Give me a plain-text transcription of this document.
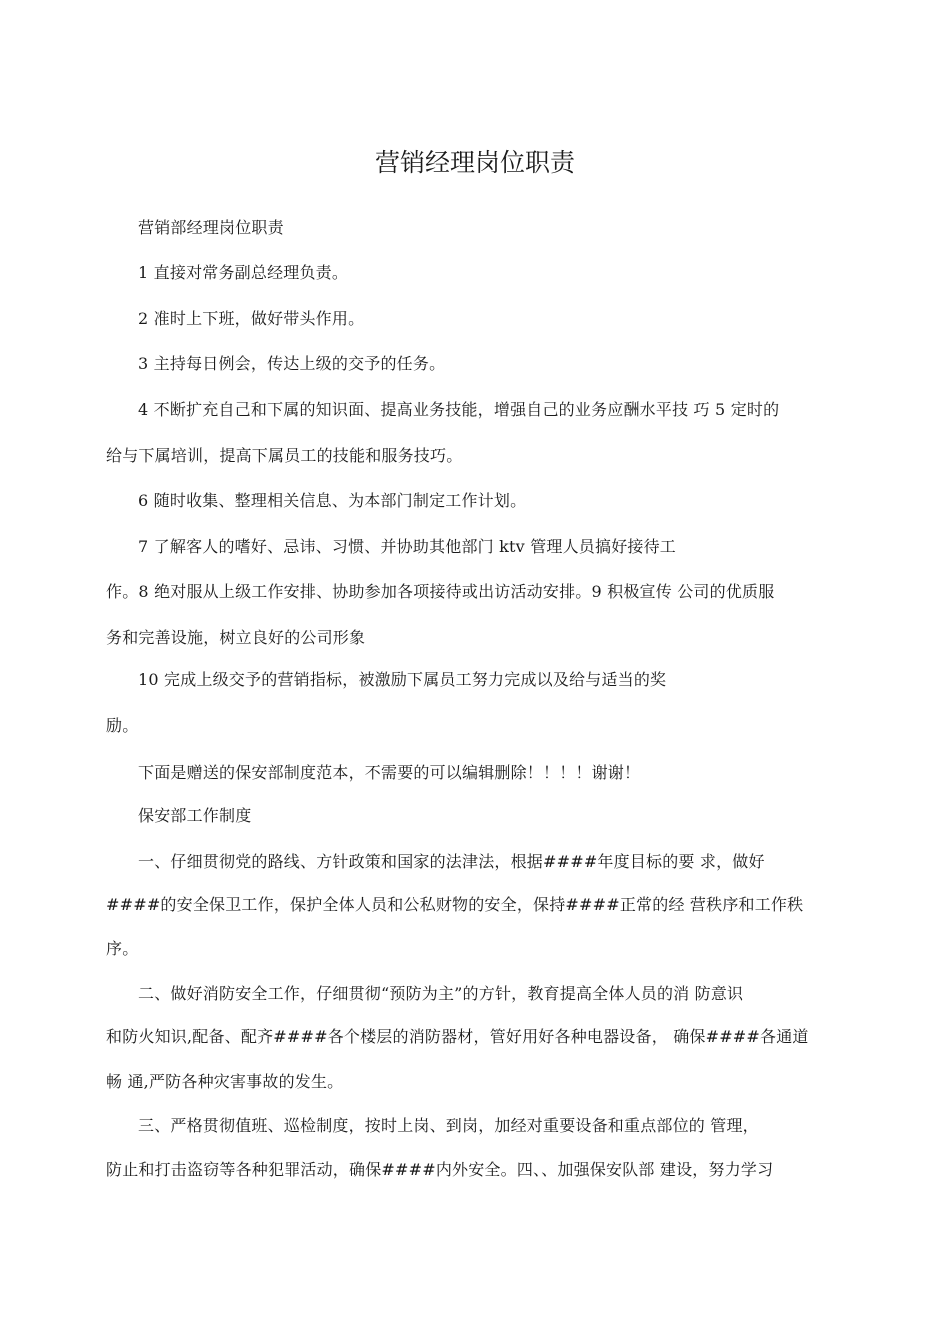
营销经理岗位职责
营销部经理岗位职责
1 直接对常务副总经理负责。
2 准时上下班，做好带头作用。
3 主持每日例会，传达上级的交予的任务。
4 不断扩充自己和下属的知识面、提高业务技能，增强自己的业务应酬水平技 巧 5 定时的
给与下属培训，提高下属员工的技能和服务技巧。
6 随时收集、整理相关信息、为本部门制定工作计划。
7 了解客人的嗜好、忌讳、习惯、并协助其他部门 ktv 管理人员搞好接待工
作。8 绝对服从上级工作安排、协助参加各项接待或出访活动安排。9 积极宣传 公司的优质服
务和完善设施，树立良好的公司形象
10 完成上级交予的营销指标，被激励下属员工努力完成以及给与适当的奖
励。
下面是赠送的保安部制度范本，不需要的可以编辑删除！！！！谢谢！
保安部工作制度
一、仔细贯彻党的路线、方针政策和国家的法津法，根据####年度目标的要 求，做好
####的安全保卫工作，保护全体人员和公私财物的安全，保持####正常的经 营秩序和工作秩
序。
二、做好消防安全工作，仔细贯彻“预防为主”的方针，教育提高全体人员的消 防意识
和防火知识,配备、配齐####各个楼层的消防器材，管好用好各种电器设备， 确保####各通道
畅 通,严防各种灾害事故的发生。
三、严格贯彻值班、巡检制度，按时上岗、到岗，加经对重要设备和重点部位的 管理，
防止和打击盗窃等各种犯罪活动，确保####内外安全。四、、加强保安队部 建设，努力学习
